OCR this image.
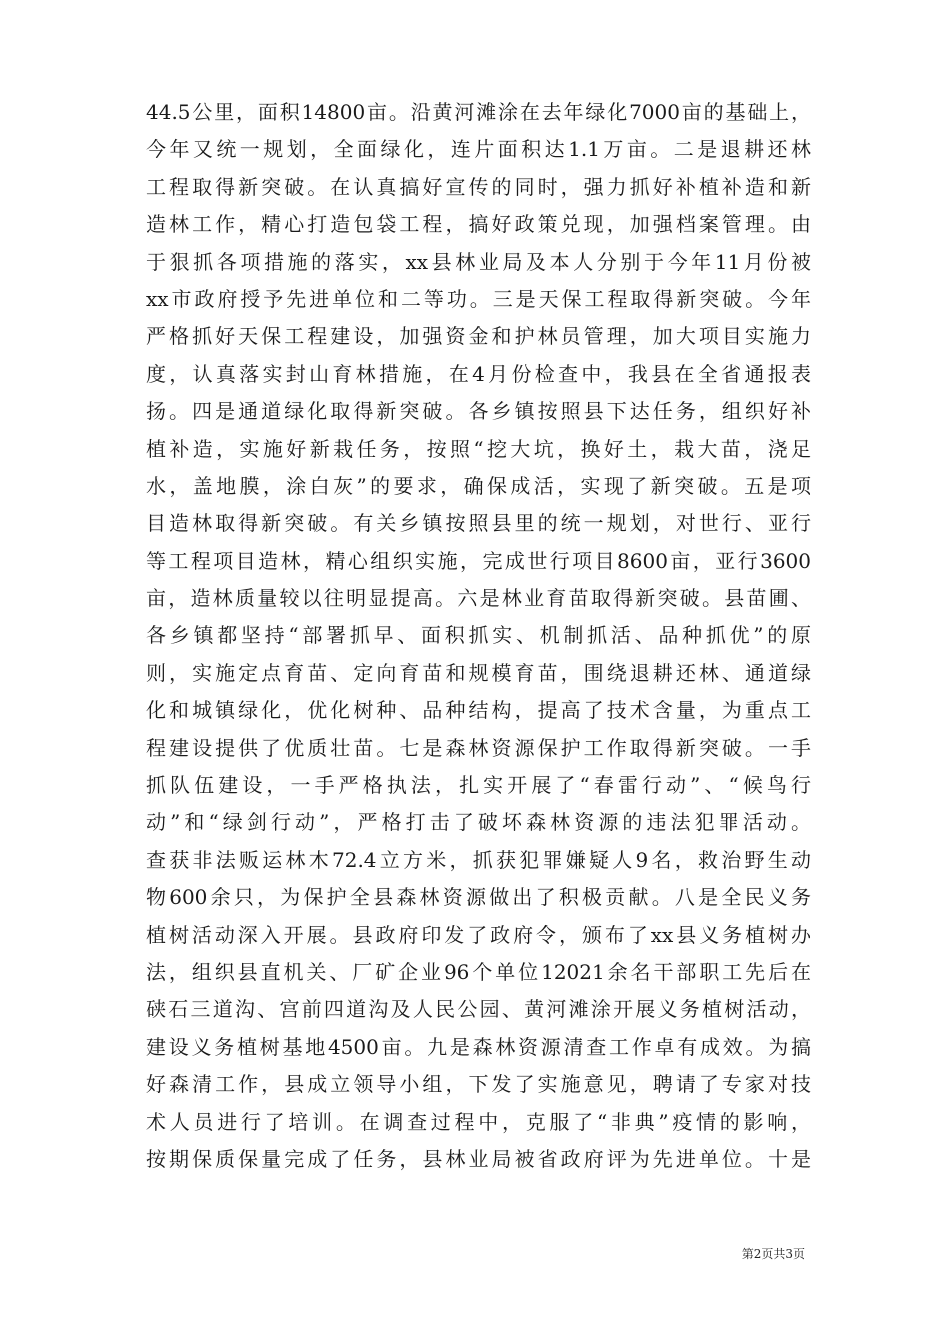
44.5公里，面积14800亩。沿黄河滩涂在去年绿化7000亩的基础上，
今年又统一规划，全面绿化，连片面积达1.1万亩。二是退耕还林
工程取得新突破。在认真搞好宣传的同时，强力抓好补植补造和新
造林工作，精心打造包袋工程，搞好政策兑现，加强档案管理。由
于狠抓各项措施的落实，xx县林业局及本人分别于今年11月份被
xx市政府授予先进单位和二等功。三是天保工程取得新突破。今年
严格抓好天保工程建设，加强资金和护林员管理，加大项目实施力
度，认真落实封山育林措施，在4月份检查中，我县在全省通报表
扬。四是通道绿化取得新突破。各乡镇按照县下达任务，组织好补
植补造，实施好新栽任务，按照“挖大坑，换好土，栽大苗，浇足
水，盖地膜，涂白灰”的要求，确保成活，实现了新突破。五是项
目造林取得新突破。有关乡镇按照县里的统一规划，对世行、亚行
等工程项目造林，精心组织实施，完成世行项目8600亩，亚行3600
亩，造林质量较以往明显提高。六是林业育苗取得新突破。县苗圃、
各乡镇都坚持“部署抓早、面积抓实、机制抓活、品种抓优”的原
则，实施定点育苗、定向育苗和规模育苗，围绕退耕还林、通道绿
化和城镇绿化，优化树种、品种结构，提高了技术含量，为重点工
程建设提供了优质壮苗。七是森林资源保护工作取得新突破。一手
抓队伍建设，一手严格执法，扎实开展了“春雷行动”、“候鸟行
动”和“绿剑行动”，严格打击了破坏森林资源的违法犯罪活动。
查获非法贩运林木72.4立方米，抓获犯罪嫌疑人9名，救治野生动
物600余只，为保护全县森林资源做出了积极贡献。八是全民义务
植树活动深入开展。县政府印发了政府令，颁布了xx县义务植树办
法，组织县直机关、厂矿企业96个单位12021余名干部职工先后在
硖石三道沟、宫前四道沟及人民公园、黄河滩涂开展义务植树活动，
建设义务植树基地4500亩。九是森林资源清查工作卓有成效。为搞
好森清工作，县成立领导小组，下发了实施意见，聘请了专家对技
术人员进行了培训。在调查过程中，克服了“非典”疫情的影响，
按期保质保量完成了任务，县林业局被省政府评为先进单位。十是
第2页共3页
